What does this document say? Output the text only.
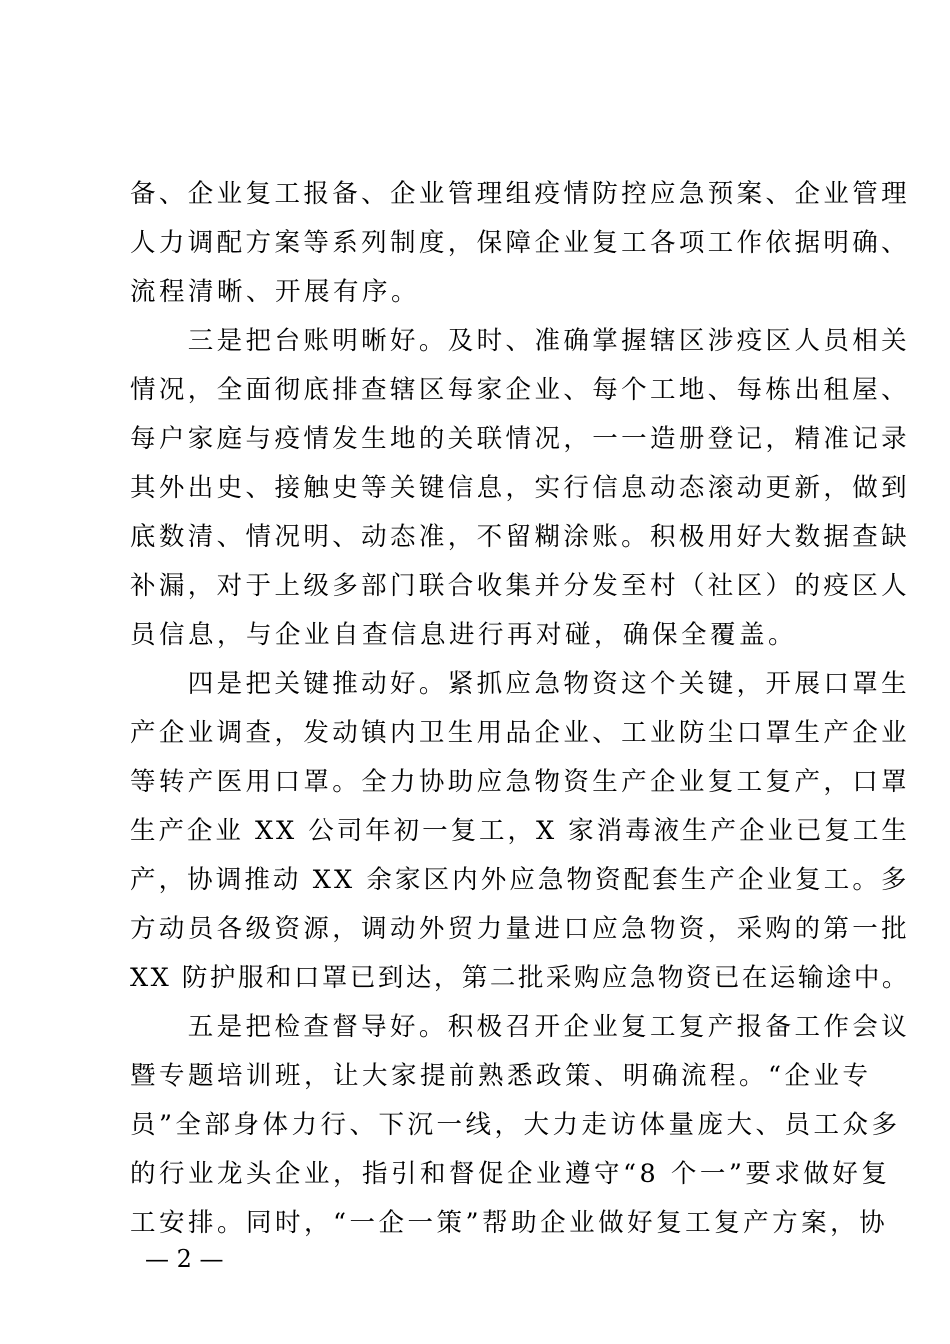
备、企业复工报备、企业管理组疫情防控应急预案、企业管理
人力调配方案等系列制度，保障企业复工各项工作依据明确、
流程清晰、开展有序。
　　三是把台账明晰好。及时、准确掌握辖区涉疫区人员相关
情况，全面彻底排查辖区每家企业、每个工地、每栋出租屋、
每户家庭与疫情发生地的关联情况，一一造册登记，精准记录
其外出史、接触史等关键信息，实行信息动态滚动更新，做到
底数清、情况明、动态准，不留糊涂账。积极用好大数据查缺
补漏，对于上级多部门联合收集并分发至村（社区）的疫区人
员信息，与企业自查信息进行再对碰，确保全覆盖。
　　四是把关键推动好。紧抓应急物资这个关键，开展口罩生
产企业调查，发动镇内卫生用品企业、工业防尘口罩生产企业
等转产医用口罩。全力协助应急物资生产企业复工复产，口罩
生产企业 XX 公司年初一复工，X 家消毒液生产企业已复工生
产，协调推动 XX 余家区内外应急物资配套生产企业复工。多
方动员各级资源，调动外贸力量进口应急物资，采购的第一批
XX 防护服和口罩已到达，第二批采购应急物资已在运输途中。
　　五是把检查督导好。积极召开企业复工复产报备工作会议
暨专题培训班，让大家提前熟悉政策、明确流程。“企业专
员”全部身体力行、下沉一线，大力走访体量庞大、员工众多
的行业龙头企业，指引和督促企业遵守“8 个一”要求做好复
工安排。同时，“一企一策”帮助企业做好复工复产方案，协
— 2 —
